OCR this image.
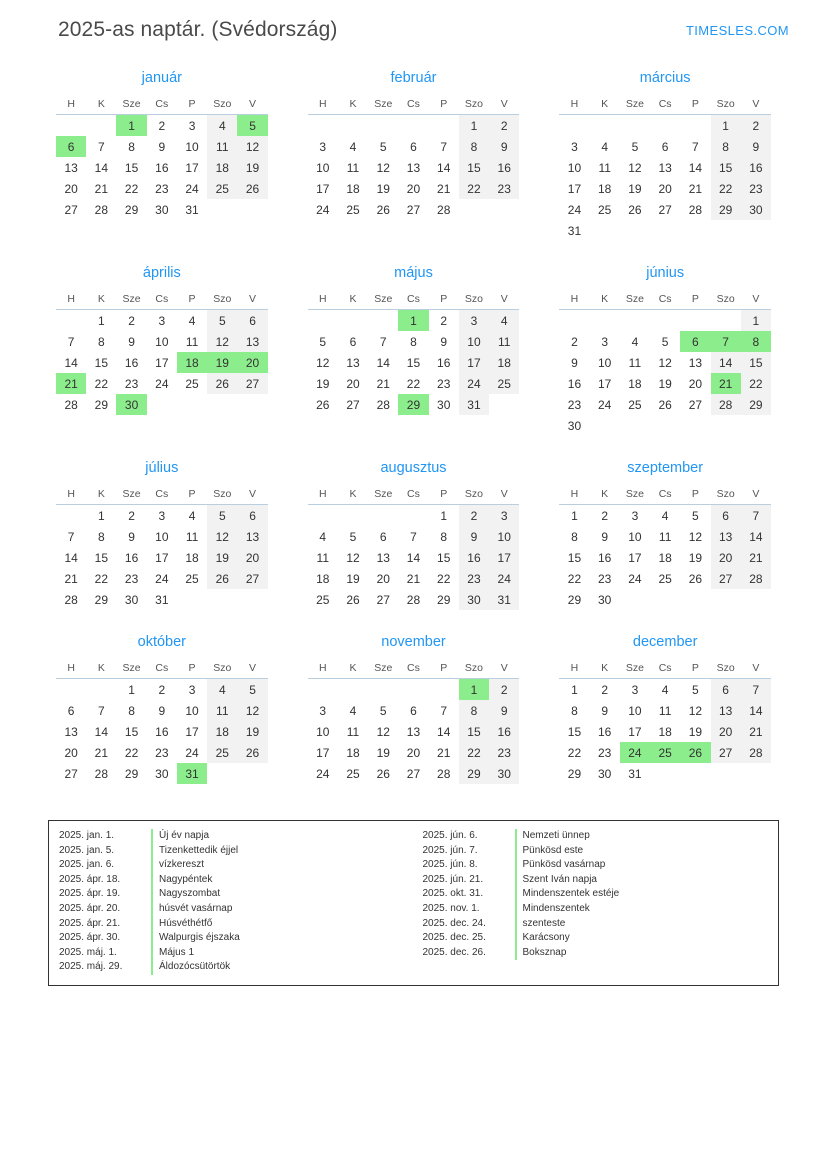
2025-as naptár. (Svédország)	TIMESLES.COM
január
H	K	Sze	Cs	P	Szo	V
		1	2	3	4	5
6	7	8	9	10	11	12
13	14	15	16	17	18	19
20	21	22	23	24	25	26
27	28	29	30	31		
február
H	K	Sze	Cs	P	Szo	V
					1	2
3	4	5	6	7	8	9
10	11	12	13	14	15	16
17	18	19	20	21	22	23
24	25	26	27	28		
március
H	K	Sze	Cs	P	Szo	V
					1	2
3	4	5	6	7	8	9
10	11	12	13	14	15	16
17	18	19	20	21	22	23
24	25	26	27	28	29	30
31						
április
H	K	Sze	Cs	P	Szo	V
	1	2	3	4	5	6
7	8	9	10	11	12	13
14	15	16	17	18	19	20
21	22	23	24	25	26	27
28	29	30				
május
H	K	Sze	Cs	P	Szo	V
			1	2	3	4
5	6	7	8	9	10	11
12	13	14	15	16	17	18
19	20	21	22	23	24	25
26	27	28	29	30	31	
június
H	K	Sze	Cs	P	Szo	V
						1
2	3	4	5	6	7	8
9	10	11	12	13	14	15
16	17	18	19	20	21	22
23	24	25	26	27	28	29
30						
július
H	K	Sze	Cs	P	Szo	V
	1	2	3	4	5	6
7	8	9	10	11	12	13
14	15	16	17	18	19	20
21	22	23	24	25	26	27
28	29	30	31			
augusztus
H	K	Sze	Cs	P	Szo	V
				1	2	3
4	5	6	7	8	9	10
11	12	13	14	15	16	17
18	19	20	21	22	23	24
25	26	27	28	29	30	31
szeptember
H	K	Sze	Cs	P	Szo	V
1	2	3	4	5	6	7
8	9	10	11	12	13	14
15	16	17	18	19	20	21
22	23	24	25	26	27	28
29	30					
október
H	K	Sze	Cs	P	Szo	V
		1	2	3	4	5
6	7	8	9	10	11	12
13	14	15	16	17	18	19
20	21	22	23	24	25	26
27	28	29	30	31		
november
H	K	Sze	Cs	P	Szo	V
					1	2
3	4	5	6	7	8	9
10	11	12	13	14	15	16
17	18	19	20	21	22	23
24	25	26	27	28	29	30
december
H	K	Sze	Cs	P	Szo	V
1	2	3	4	5	6	7
8	9	10	11	12	13	14
15	16	17	18	19	20	21
22	23	24	25	26	27	28
29	30	31				
2025. jan. 1.	Új év napja
2025. jan. 5.	Tizenkettedik éjjel
2025. jan. 6.	vízkereszt
2025. ápr. 18.	Nagypéntek
2025. ápr. 19.	Nagyszombat
2025. ápr. 20.	húsvét vasárnap
2025. ápr. 21.	Húsvéthétfő
2025. ápr. 30.	Walpurgis éjszaka
2025. máj. 1.	Május 1
2025. máj. 29.	Áldozócsütörtök
2025. jún. 6.	Nemzeti ünnep
2025. jún. 7.	Pünkösd este
2025. jún. 8.	Pünkösd vasárnap
2025. jún. 21.	Szent Iván napja
2025. okt. 31.	Mindenszentek estéje
2025. nov. 1.	Mindenszentek
2025. dec. 24.	szenteste
2025. dec. 25.	Karácsony
2025. dec. 26.	Boksznap
